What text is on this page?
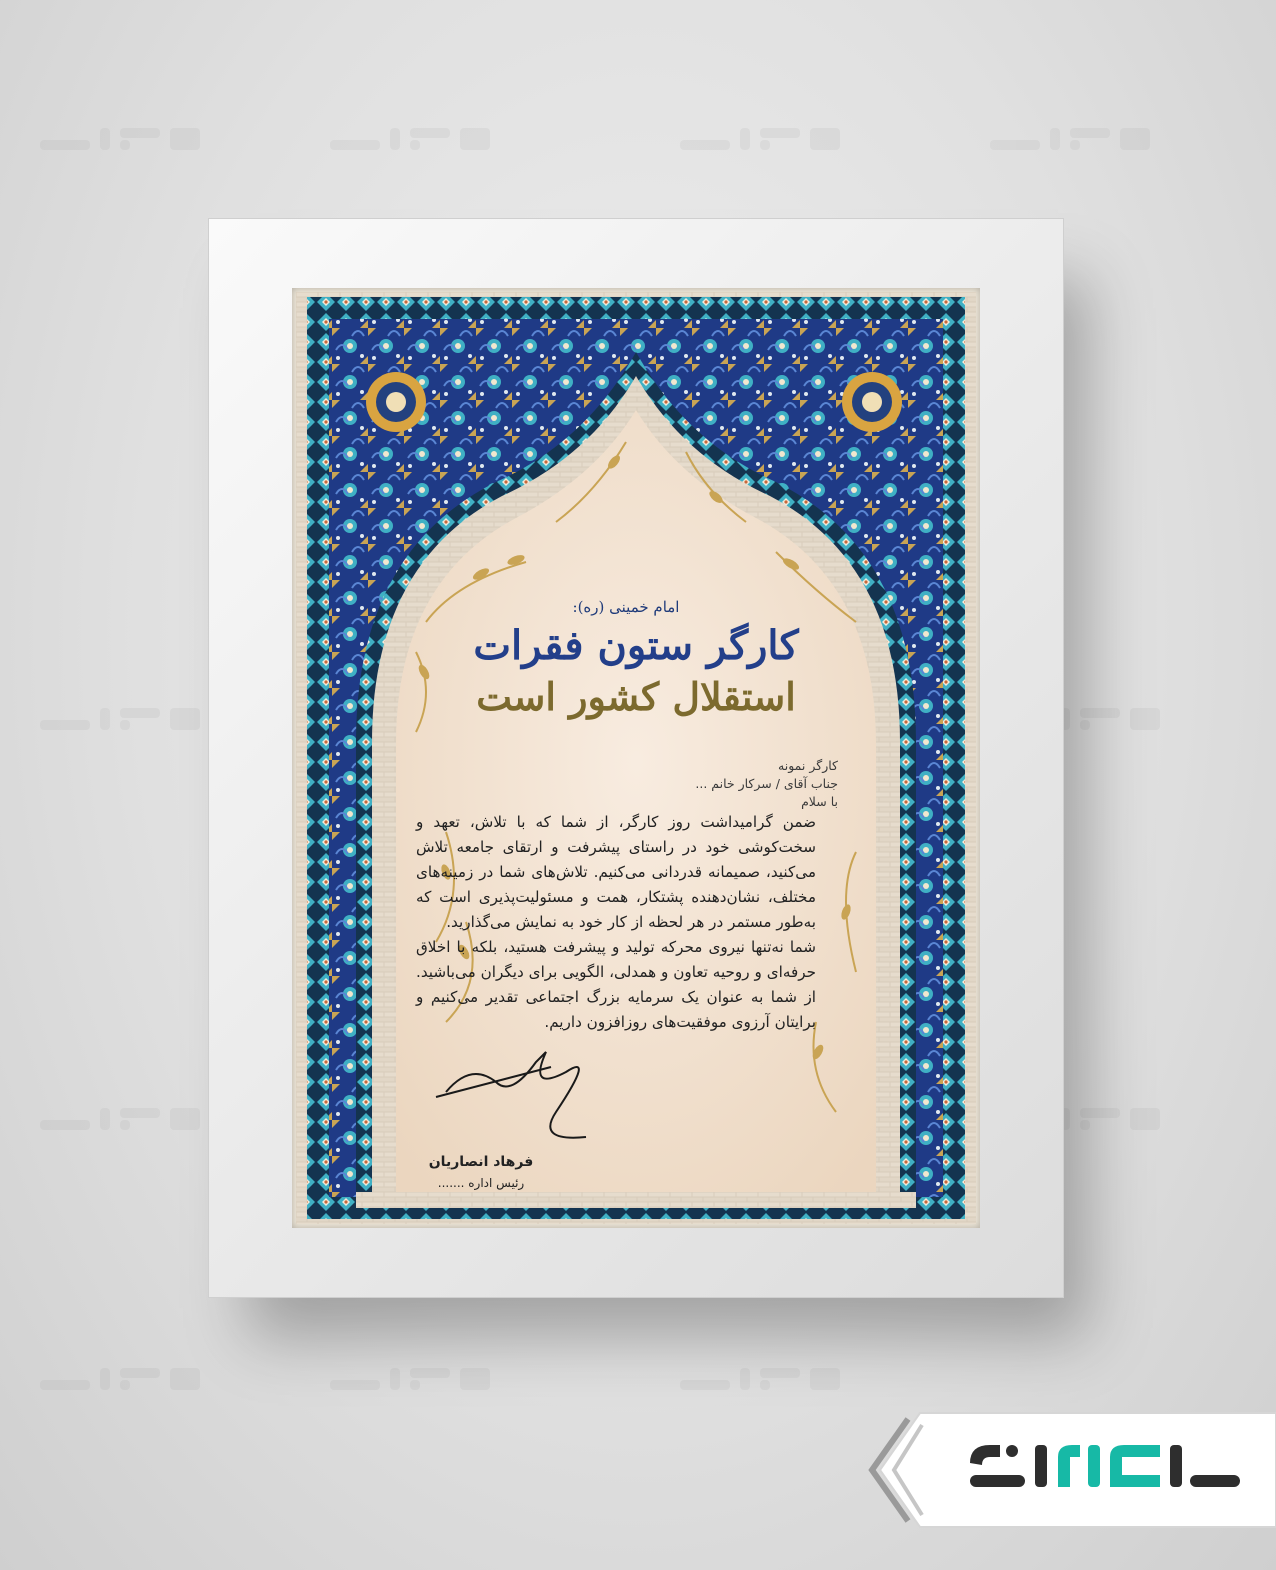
امام خمینی (ره):
کارگر ستون فقرات
استقلال کشور است
کارگر نمونه
جناب آقای / سرکار خانم ...
با سلام

ضمن گرامیداشت روز کارگر، از شما که با تلاش، تعهد و سخت‌کوشی خود در راستای پیشرفت و ارتقای جامعه تلاش می‌کنید، صمیمانه قدردانی می‌کنیم. تلاش‌های شما در زمینه‌های مختلف، نشان‌دهنده پشتکار، همت و مسئولیت‌پذیری است که به‌طور مستمر در هر لحظه از کار خود به نمایش می‌گذارید.

شما نه‌تنها نیروی محرکه تولید و پیشرفت هستید، بلکه با اخلاق حرفه‌ای و روحیه تعاون و همدلی، الگویی برای دیگران می‌باشید. از شما به عنوان یک سرمایه بزرگ اجتماعی تقدیر می‌کنیم و برایتان آرزوی موفقیت‌های روزافزون داریم.

فرهاد انصاریان
رئیس اداره .......
